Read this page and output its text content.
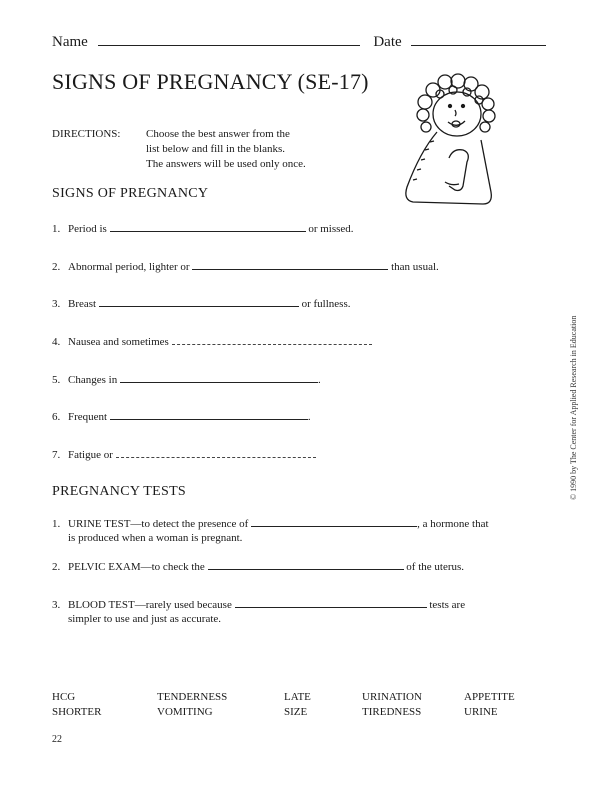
Name	Date
SIGNS OF PREGNANCY (SE-17)
DIRECTIONS: Choose the best answer from the
list below and fill in the blanks.
The answers will be used only once.
SIGNS OF PREGNANCY
1. Period is	or missed.
2. Abnormal period, lighter or	than usual.
3. Breast	or fullness.
4. Nausea and sometimes
5. Changes in	.
6. Frequent	.
7. Fatigue or
PREGNANCY TESTS
1. URINE TEST—to detect the presence of	, a hormone that
is produced when a woman is pregnant.
2. PELVIC EXAM—to check the	of the uterus.
3. BLOOD TEST—rarely used because	tests are
simpler to use and just as accurate.
© 1990 by The Center for Applied Research in Education
HCG	TENDERNESS	LATE	URINATION	APPETITE
SHORTER	VOMITING	SIZE	TIREDNESS	URINE
22
